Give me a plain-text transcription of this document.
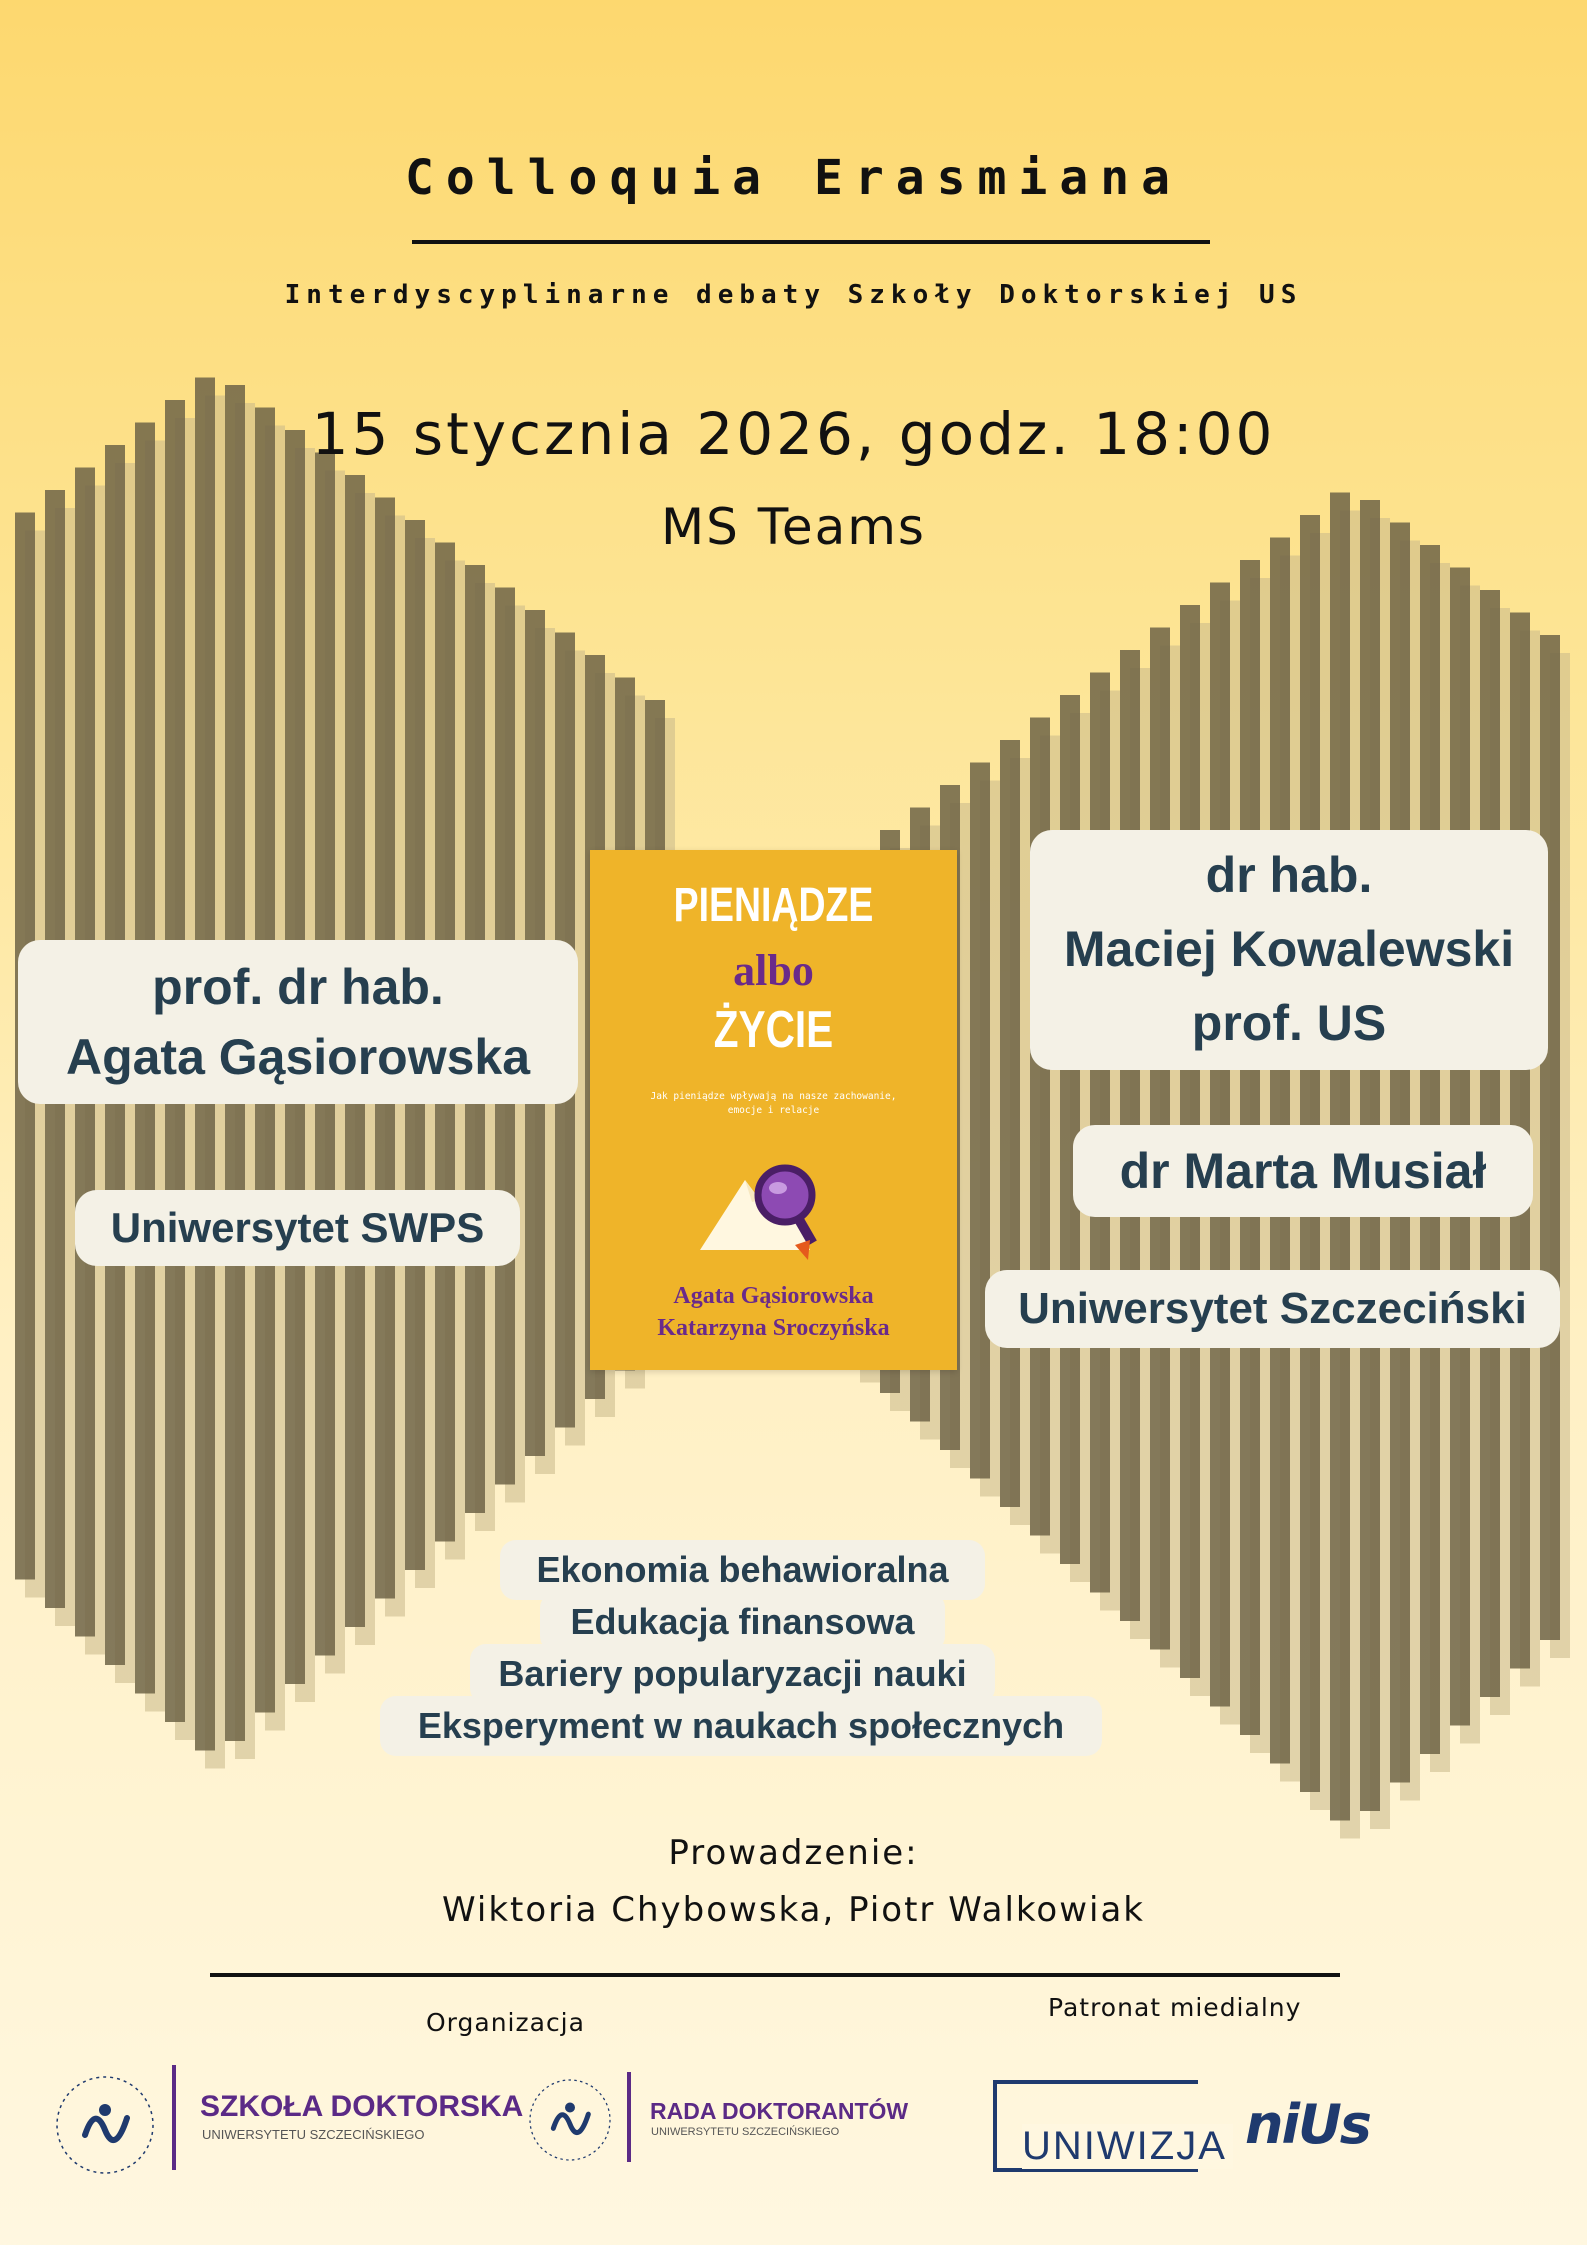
Colloquia Erasmiana
Interdyscyplinarne debaty Szkoły Doktorskiej US
15 stycznia 2026, godz. 18:00
MS Teams
prof. dr hab.
Agata Gąsiorowska
Uniwersytet SWPS
PIENIĄDZE
albo
ŻYCIE
Jak pieniądze wpływają na nasze zachowanie, emocje i relacje
Agata Gąsiorowska
Katarzyna Sroczyńska
dr hab.
Maciej Kowalewski
prof. US
dr Marta Musiał
Uniwersytet Szczeciński
Ekonomia behawioralna
Edukacja finansowa
Bariery popularyzacji nauki
Eksperyment w naukach społecznych
Prowadzenie:
Wiktoria Chybowska, Piotr Walkowiak
Organizacja
Patronat miedialny
SZKOŁA DOKTORSKA
UNIWERSYTETU SZCZECIŃSKIEGO
RADA DOKTORANTÓW
UNIWERSYTETU SZCZECIŃSKIEGO	UNIWIZJA niUs
